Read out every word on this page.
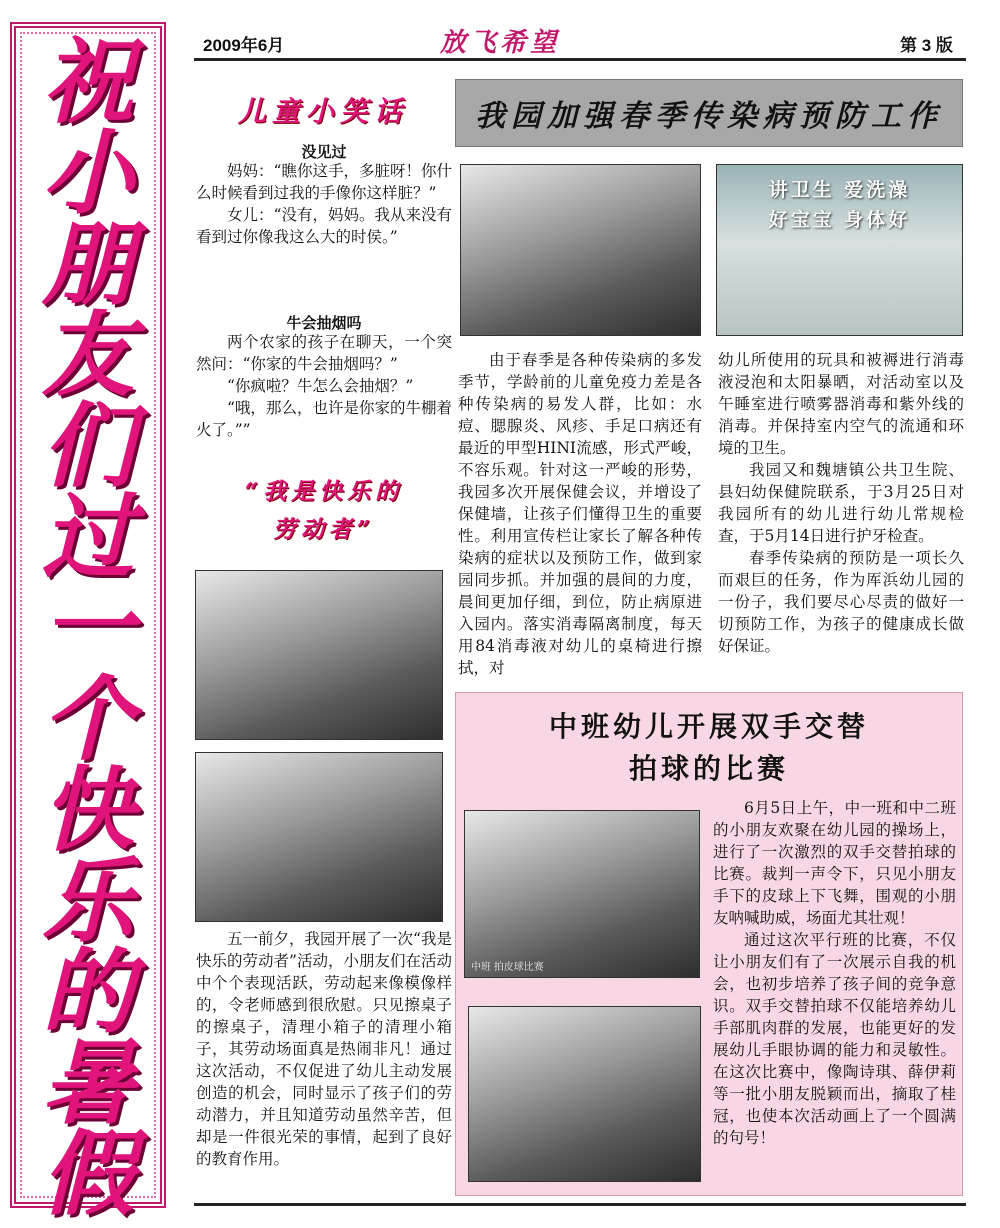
祝
小
朋
友
们
过
一
个
快
乐
的
暑
假
2009年6月	放飞希望	第 3 版
儿童小笑话
没见过

妈妈：“瞧你这手，多脏呀！你什么时候看到过我的手像你这样脏？”

女儿：“没有，妈妈。我从来没有看到过你像我这么大的时侯。”

牛会抽烟吗

两个农家的孩子在聊天，一个突然问：“你家的牛会抽烟吗？”

“你疯啦？牛怎么会抽烟？”

“哦，那么，也许是你家的牛棚着火了。””

“我是快乐的
劳动者”

五一前夕，我园开展了一次“我是快乐的劳动者”活动，小朋友们在活动中个个表现活跃，劳动起来像模像样的，令老师感到很欣慰。只见擦桌子的擦桌子，清理小箱子的清理小箱子，其劳动场面真是热闹非凡！通过这次活动，不仅促进了幼儿主动发展创造的机会，同时显示了孩子们的劳动潜力，并且知道劳动虽然辛苦，但却是一件很光荣的事情，起到了良好的教育作用。

我园加强春季传染病预防工作
讲卫生 爱洗澡
好宝宝 身体好

由于春季是各种传染病的多发季节，学龄前的儿童免疫力差是各种传染病的易发人群，比如：水痘、腮腺炎、风疹、手足口病还有最近的甲型HINI流感，形式严峻，不容乐观。针对这一严峻的形势，我园多次开展保健会议，并增设了保健墙，让孩子们懂得卫生的重要性。利用宣传栏让家长了解各种传染病的症状以及预防工作，做到家园同步抓。并加强的晨间的力度，晨间更加仔细，到位，防止病原进入园内。落实消毒隔离制度，每天用84消毒液对幼儿的桌椅进行擦拭，对

幼儿所使用的玩具和被褥进行消毒液浸泡和太阳暴晒，对活动室以及午睡室进行喷雾器消毒和紫外线的消毒。并保持室内空气的流通和环境的卫生。

我园又和魏塘镇公共卫生院、县妇幼保健院联系，于3月25日对我园所有的幼儿进行幼儿常规检查，于5月14日进行护牙检查。

春季传染病的预防是一项长久而艰巨的任务，作为厍浜幼儿园的一份子，我们要尽心尽责的做好一切预防工作，为孩子的健康成长做好保证。

中班幼儿开展双手交替
拍球的比赛
中班 拍皮球比赛

6月5日上午，中一班和中二班的小朋友欢聚在幼儿园的操场上，进行了一次激烈的双手交替拍球的比赛。裁判一声令下，只见小朋友手下的皮球上下飞舞，围观的小朋友呐喊助威，场面尤其壮观！

通过这次平行班的比赛，不仅让小朋友们有了一次展示自我的机会，也初步培养了孩子间的竞争意识。双手交替拍球不仅能培养幼儿手部肌肉群的发展，也能更好的发展幼儿手眼协调的能力和灵敏性。在这次比赛中，像陶诗琪、薛伊莉等一批小朋友脱颖而出，摘取了桂冠，也使本次活动画上了一个圆满的句号！
